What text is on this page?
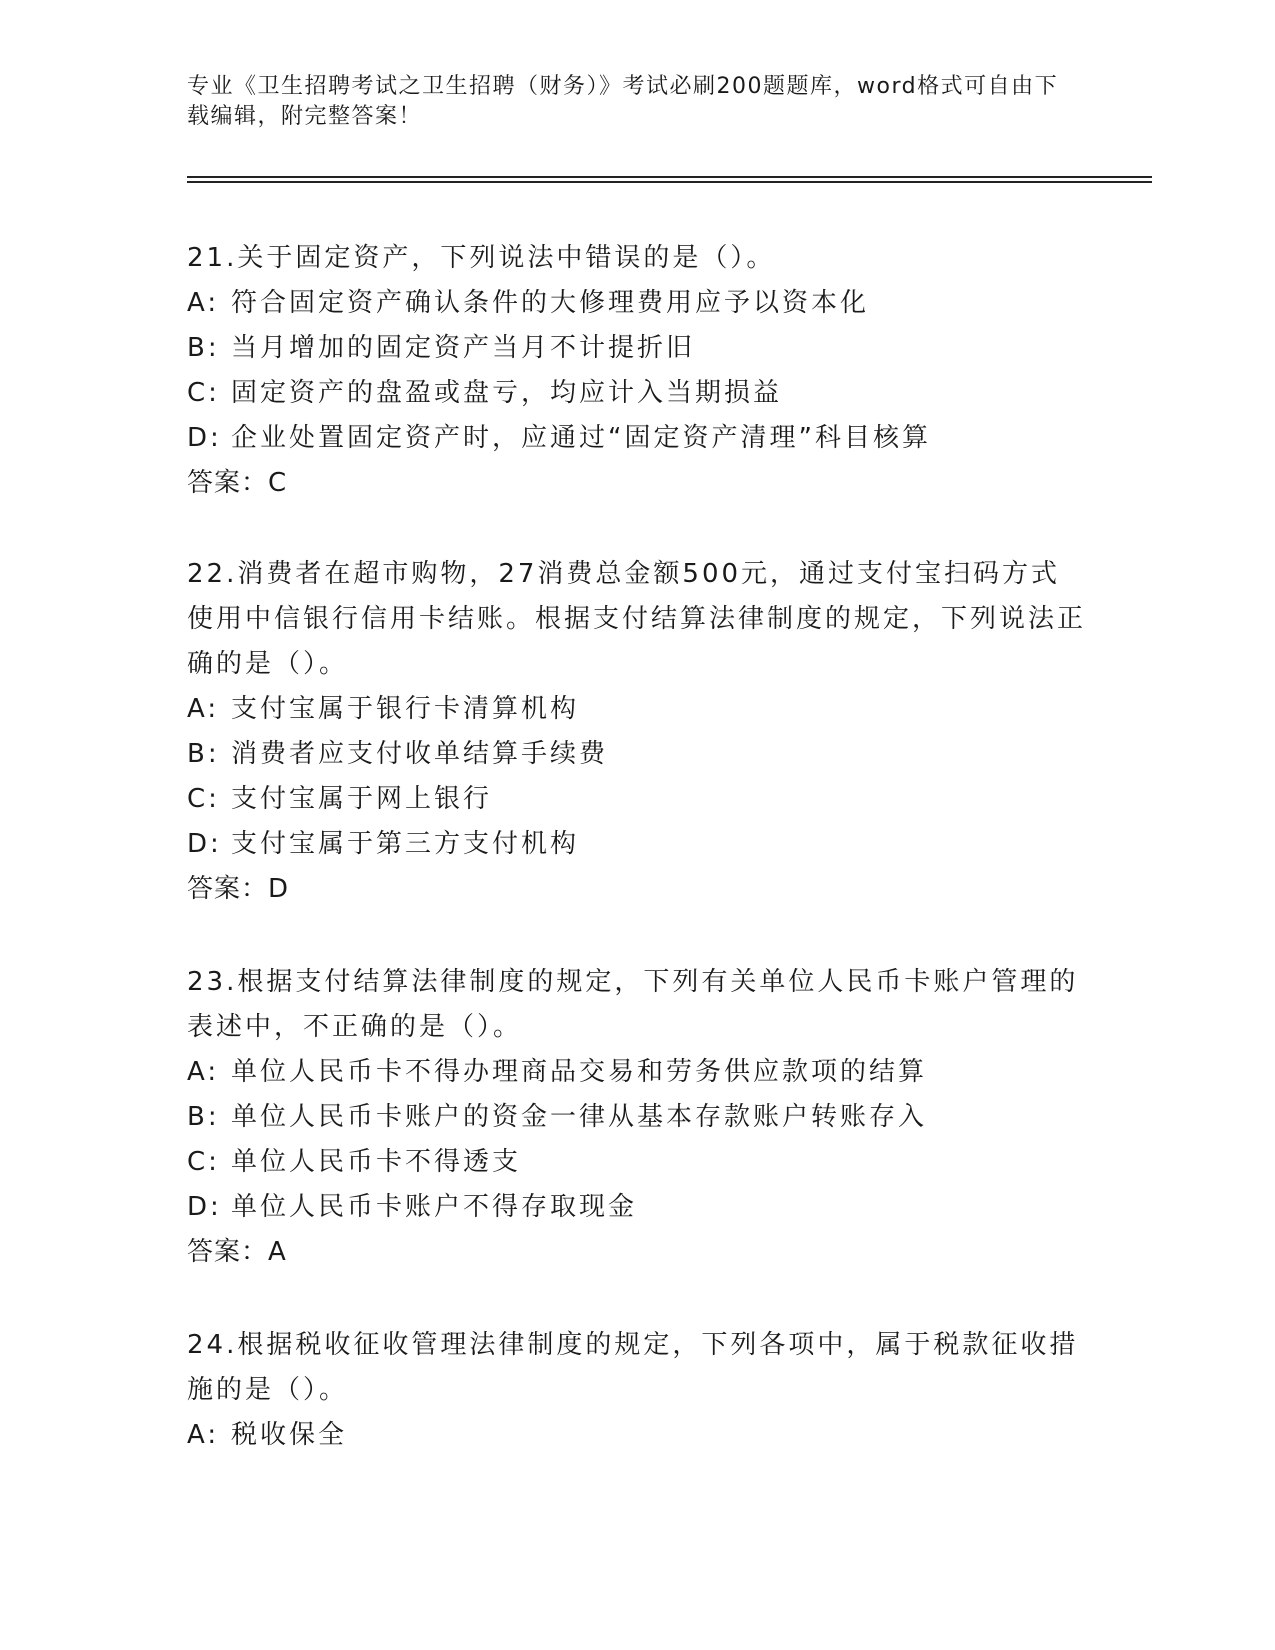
专业《卫生招聘考试之卫生招聘（财务）》考试必刷200题题库，word格式可自由下载编辑，附完整答案！

21.关于固定资产，下列说法中错误的是（）。

A: 符合固定资产确认条件的大修理费用应予以资本化
B: 当月增加的固定资产当月不计提折旧
C: 固定资产的盘盈或盘亏，均应计入当期损益
D: 企业处置固定资产时，应通过“固定资产清理”科目核算
答案：C

22.消费者在超市购物，27消费总金额500元，通过支付宝扫码方式使用中信银行信用卡结账。根据支付结算法律制度的规定，下列说法正确的是（）。

A: 支付宝属于银行卡清算机构
B: 消费者应支付收单结算手续费
C: 支付宝属于网上银行
D: 支付宝属于第三方支付机构
答案：D

23.根据支付结算法律制度的规定，下列有关单位人民币卡账户管理的表述中，不正确的是（）。

A: 单位人民币卡不得办理商品交易和劳务供应款项的结算
B: 单位人民币卡账户的资金一律从基本存款账户转账存入
C: 单位人民币卡不得透支
D: 单位人民币卡账户不得存取现金
答案：A

24.根据税收征收管理法律制度的规定，下列各项中，属于税款征收措施的是（）。

A: 税收保全
